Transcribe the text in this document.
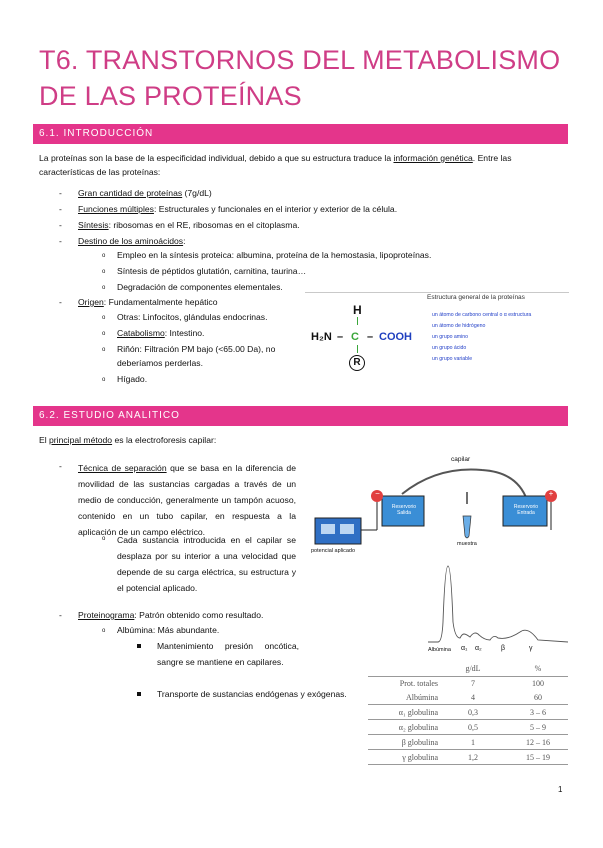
T6. TRANSTORNOS DEL METABOLISMO DE LAS PROTEÍNAS
6.1. INTRODUCCIÓN
La proteínas son la base de la especificidad individual, debido a que su estructura traduce la información genética. Entre las características de las proteínas:
- Gran cantidad de proteínas (7g/dL)
- Funciones múltiples: Estructurales y funcionales en el interior y exterior de la célula.
- Síntesis: ribosomas en el RE, ribosomas en el citoplasma.
- Destino de los aminoácidos:
o Empleo en la síntesis proteica: albumina, proteína de la hemostasia, lipoproteínas.
o Síntesis de péptidos glutatión, carnitina, taurina…
o Degradación de componentes elementales.
- Origen: Fundamentalmente hepático
o Otras: Linfocitos, glándulas endocrinas.
o Catabolismo: Intestino.
o Riñón: Filtración PM bajo (<65.00 Da), no deberíamos perderlas.
o Hígado.
Estructura general de la proteínas
H
H₂N – C – COOH
R
un átomo de carbono central o α estructura
un átomo de hidrógeno
un grupo amino
un grupo ácido
un grupo variable
6.2. ESTUDIO ANALITICO
El principal método es la electroforesis capilar:
- Técnica de separación que se basa en la diferencia de movilidad de las sustancias cargadas a través de un medio de conducción, generalmente un tampón acuoso, contenido en un tubo capilar, en respuesta a la aplicación de un campo eléctrico.
o Cada sustancia introducida en el capilar se desplaza por su interior a una velocidad que depende de su carga eléctrica, su estructura y el potencial aplicado.
- Proteinograma: Patrón obtenido como resultado.
o Albúmina: Más abundante.
Mantenimiento presión oncótica, sangre se mantiene en capilares.
Transporte de sustancias endógenas y exógenas.
capilar
−	+
Reservorio Salida
Reservorio Entrada
muestra
potencial aplicado
Albúmina α₁ α₂	β	γ
g/dL	%
Prot. totales	7	100
Albúmina	4	60
α₁ globulina	0,3	3 – 6
α₂ globulina	0,5	5 – 9
β globulina	1	12 – 16
γ globulina	1,2	15 – 19
1
